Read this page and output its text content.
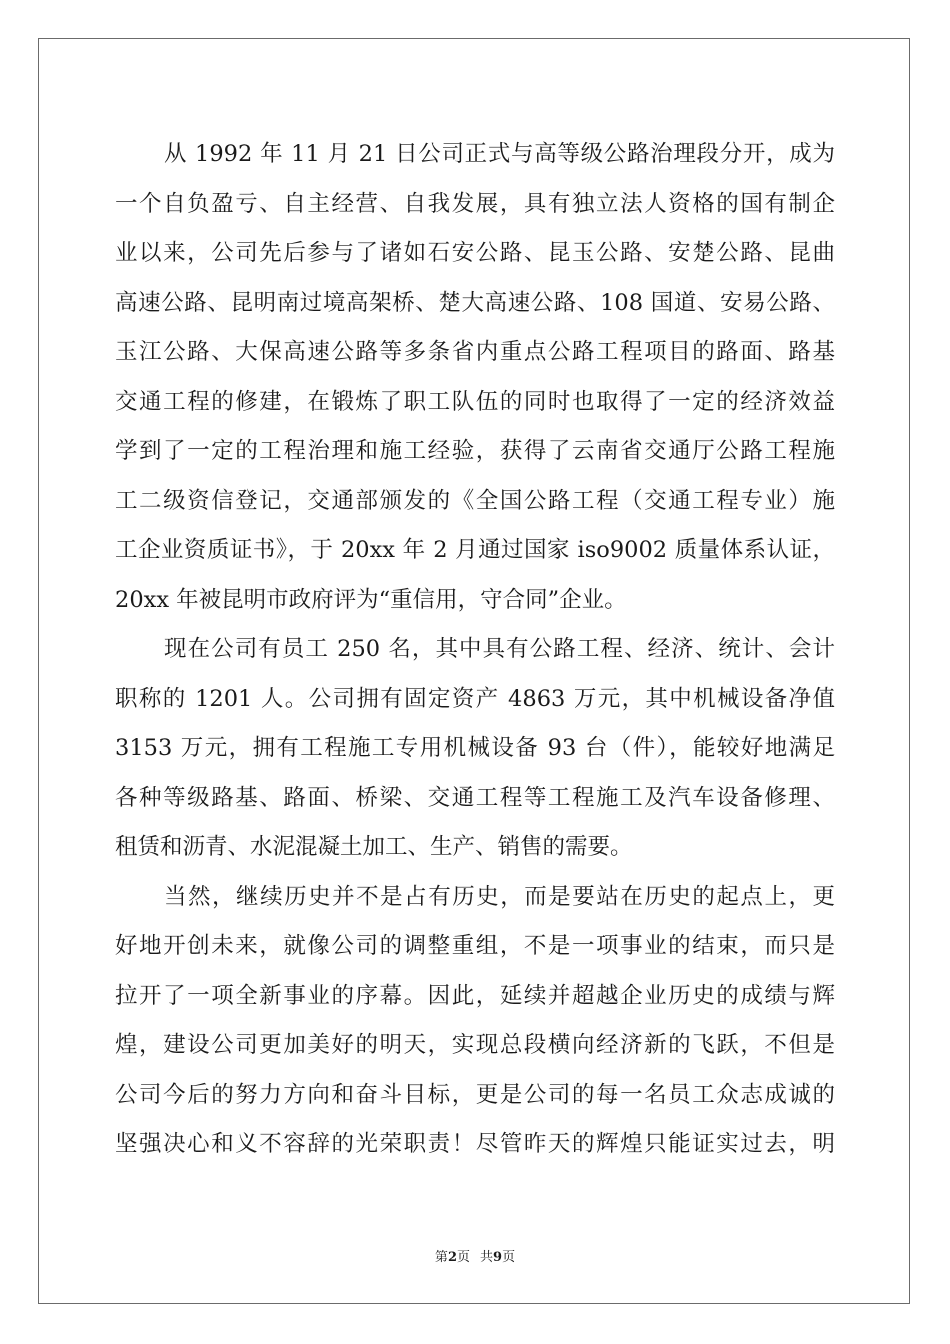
从 1992 年 11 月 21 日公司正式与高等级公路治理段分开，成为
一个自负盈亏、自主经营、自我发展，具有独立法人资格的国有制企
业以来，公司先后参与了诸如石安公路、昆玉公路、安楚公路、昆曲
高速公路、昆明南过境高架桥、楚大高速公路、108 国道、安易公路、
玉江公路、大保高速公路等多条省内重点公路工程项目的路面、路基
交通工程的修建，在锻炼了职工队伍的同时也取得了一定的经济效益
学到了一定的工程治理和施工经验，获得了云南省交通厅公路工程施
工二级资信登记，交通部颁发的《全国公路工程（交通工程专业）施
工企业资质证书》，于 20xx 年 2 月通过国家 iso9002 质量体系认证，
20xx 年被昆明市政府评为“重信用，守合同”企业。
现在公司有员工 250 名，其中具有公路工程、经济、统计、会计
职称的 1201 人。公司拥有固定资产 4863 万元，其中机械设备净值
3153 万元，拥有工程施工专用机械设备 93 台（件），能较好地满足
各种等级路基、路面、桥梁、交通工程等工程施工及汽车设备修理、
租赁和沥青、水泥混凝土加工、生产、销售的需要。
当然，继续历史并不是占有历史，而是要站在历史的起点上，更
好地开创未来，就像公司的调整重组，不是一项事业的结束，而只是
拉开了一项全新事业的序幕。因此，延续并超越企业历史的成绩与辉
煌，建设公司更加美好的明天，实现总段横向经济新的飞跃，不但是
公司今后的努力方向和奋斗目标，更是公司的每一名员工众志成诚的
坚强决心和义不容辞的光荣职责！尽管昨天的辉煌只能证实过去，明
第2页 共9页
